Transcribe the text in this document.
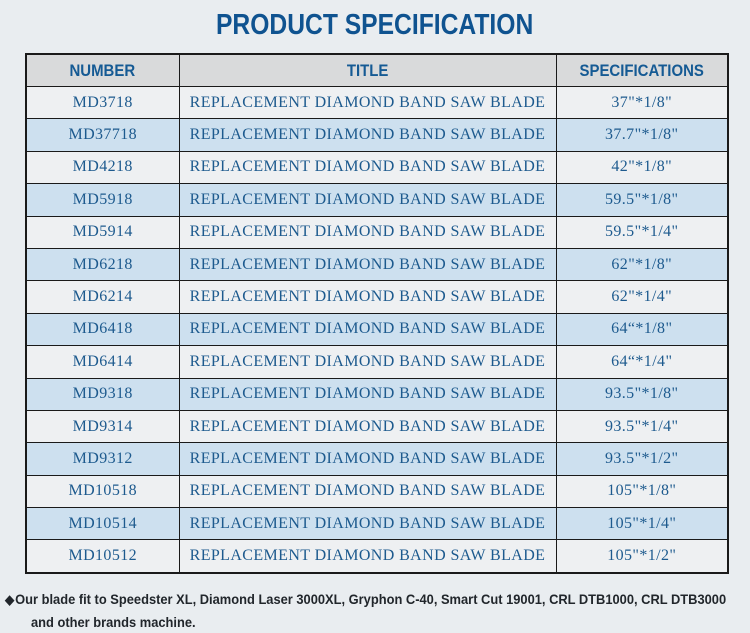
PRODUCT SPECIFICATION
NUMBER	TITLE	SPECIFICATIONS
MD3718	REPLACEMENT DIAMOND BAND SAW BLADE	37"*1/8"
MD37718	REPLACEMENT DIAMOND BAND SAW BLADE	37.7"*1/8"
MD4218	REPLACEMENT DIAMOND BAND SAW BLADE	42"*1/8"
MD5918	REPLACEMENT DIAMOND BAND SAW BLADE	59.5"*1/8"
MD5914	REPLACEMENT DIAMOND BAND SAW BLADE	59.5"*1/4"
MD6218	REPLACEMENT DIAMOND BAND SAW BLADE	62"*1/8"
MD6214	REPLACEMENT DIAMOND BAND SAW BLADE	62"*1/4"
MD6418	REPLACEMENT DIAMOND BAND SAW BLADE	64“*1/8"
MD6414	REPLACEMENT DIAMOND BAND SAW BLADE	64“*1/4"
MD9318	REPLACEMENT DIAMOND BAND SAW BLADE	93.5"*1/8"
MD9314	REPLACEMENT DIAMOND BAND SAW BLADE	93.5"*1/4"
MD9312	REPLACEMENT DIAMOND BAND SAW BLADE	93.5"*1/2"
MD10518	REPLACEMENT DIAMOND BAND SAW BLADE	105"*1/8"
MD10514	REPLACEMENT DIAMOND BAND SAW BLADE	105"*1/4"
MD10512	REPLACEMENT DIAMOND BAND SAW BLADE	105"*1/2"
◆Our blade fit to Speedster XL, Diamond Laser 3000XL, Gryphon C-40, Smart Cut 19001, CRL DTB1000, CRL DTB3000
and other brands machine.
